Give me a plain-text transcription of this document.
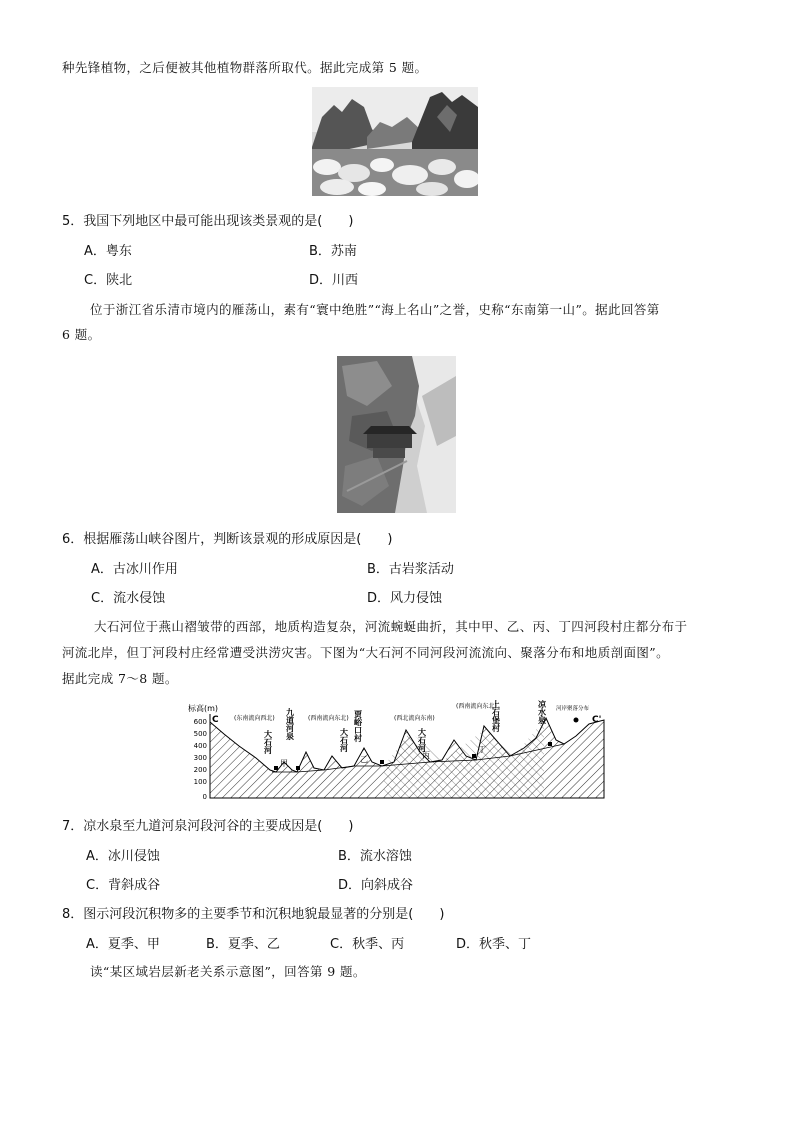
种先锋植物，之后便被其他植物群落所取代。据此完成第 5 题。
5．我国下列地区中最可能出现该类景观的是(　　)
A．粤东	B．苏南
C．陕北	D．川西
位于浙江省乐清市境内的雁荡山，素有“寰中绝胜”“海上名山”之誉，史称“东南第一山”。据此回答第
6 题。
6．根据雁荡山峡谷图片，判断该景观的形成原因是(　　)
A．古冰川作用	B．古岩浆活动
C．流水侵蚀	D．风力侵蚀
大石河位于燕山褶皱带的西部，地质构造复杂，河流蜿蜒曲折，其中甲、乙、丙、丁四河段村庄都分布于
河流北岸，但丁河段村庄经常遭受洪涝灾害。下图为“大石河不同河段河流流向、聚落分布和地质剖面图”。
据此完成 7～8 题。
标高(m)
600
500
400
300
200
100
0
(东南流向西北)	(西南流向东北)	(西北流向东南)
(西南流向东北)
大石河
九道河泉	贾峪口村
大石河	大石河
上石堡村	凉水泉 河岸聚落分布
甲	乙	丙
丁
C	C'
7．凉水泉至九道河泉河段河谷的主要成因是(　　)
A．冰川侵蚀	B．流水溶蚀
C．背斜成谷	D．向斜成谷
8．图示河段沉积物多的主要季节和沉积地貌最显著的分别是(　　)
A．夏季、甲	B．夏季、乙	C．秋季、丙	D．秋季、丁
读“某区域岩层新老关系示意图”，回答第 9 题。
